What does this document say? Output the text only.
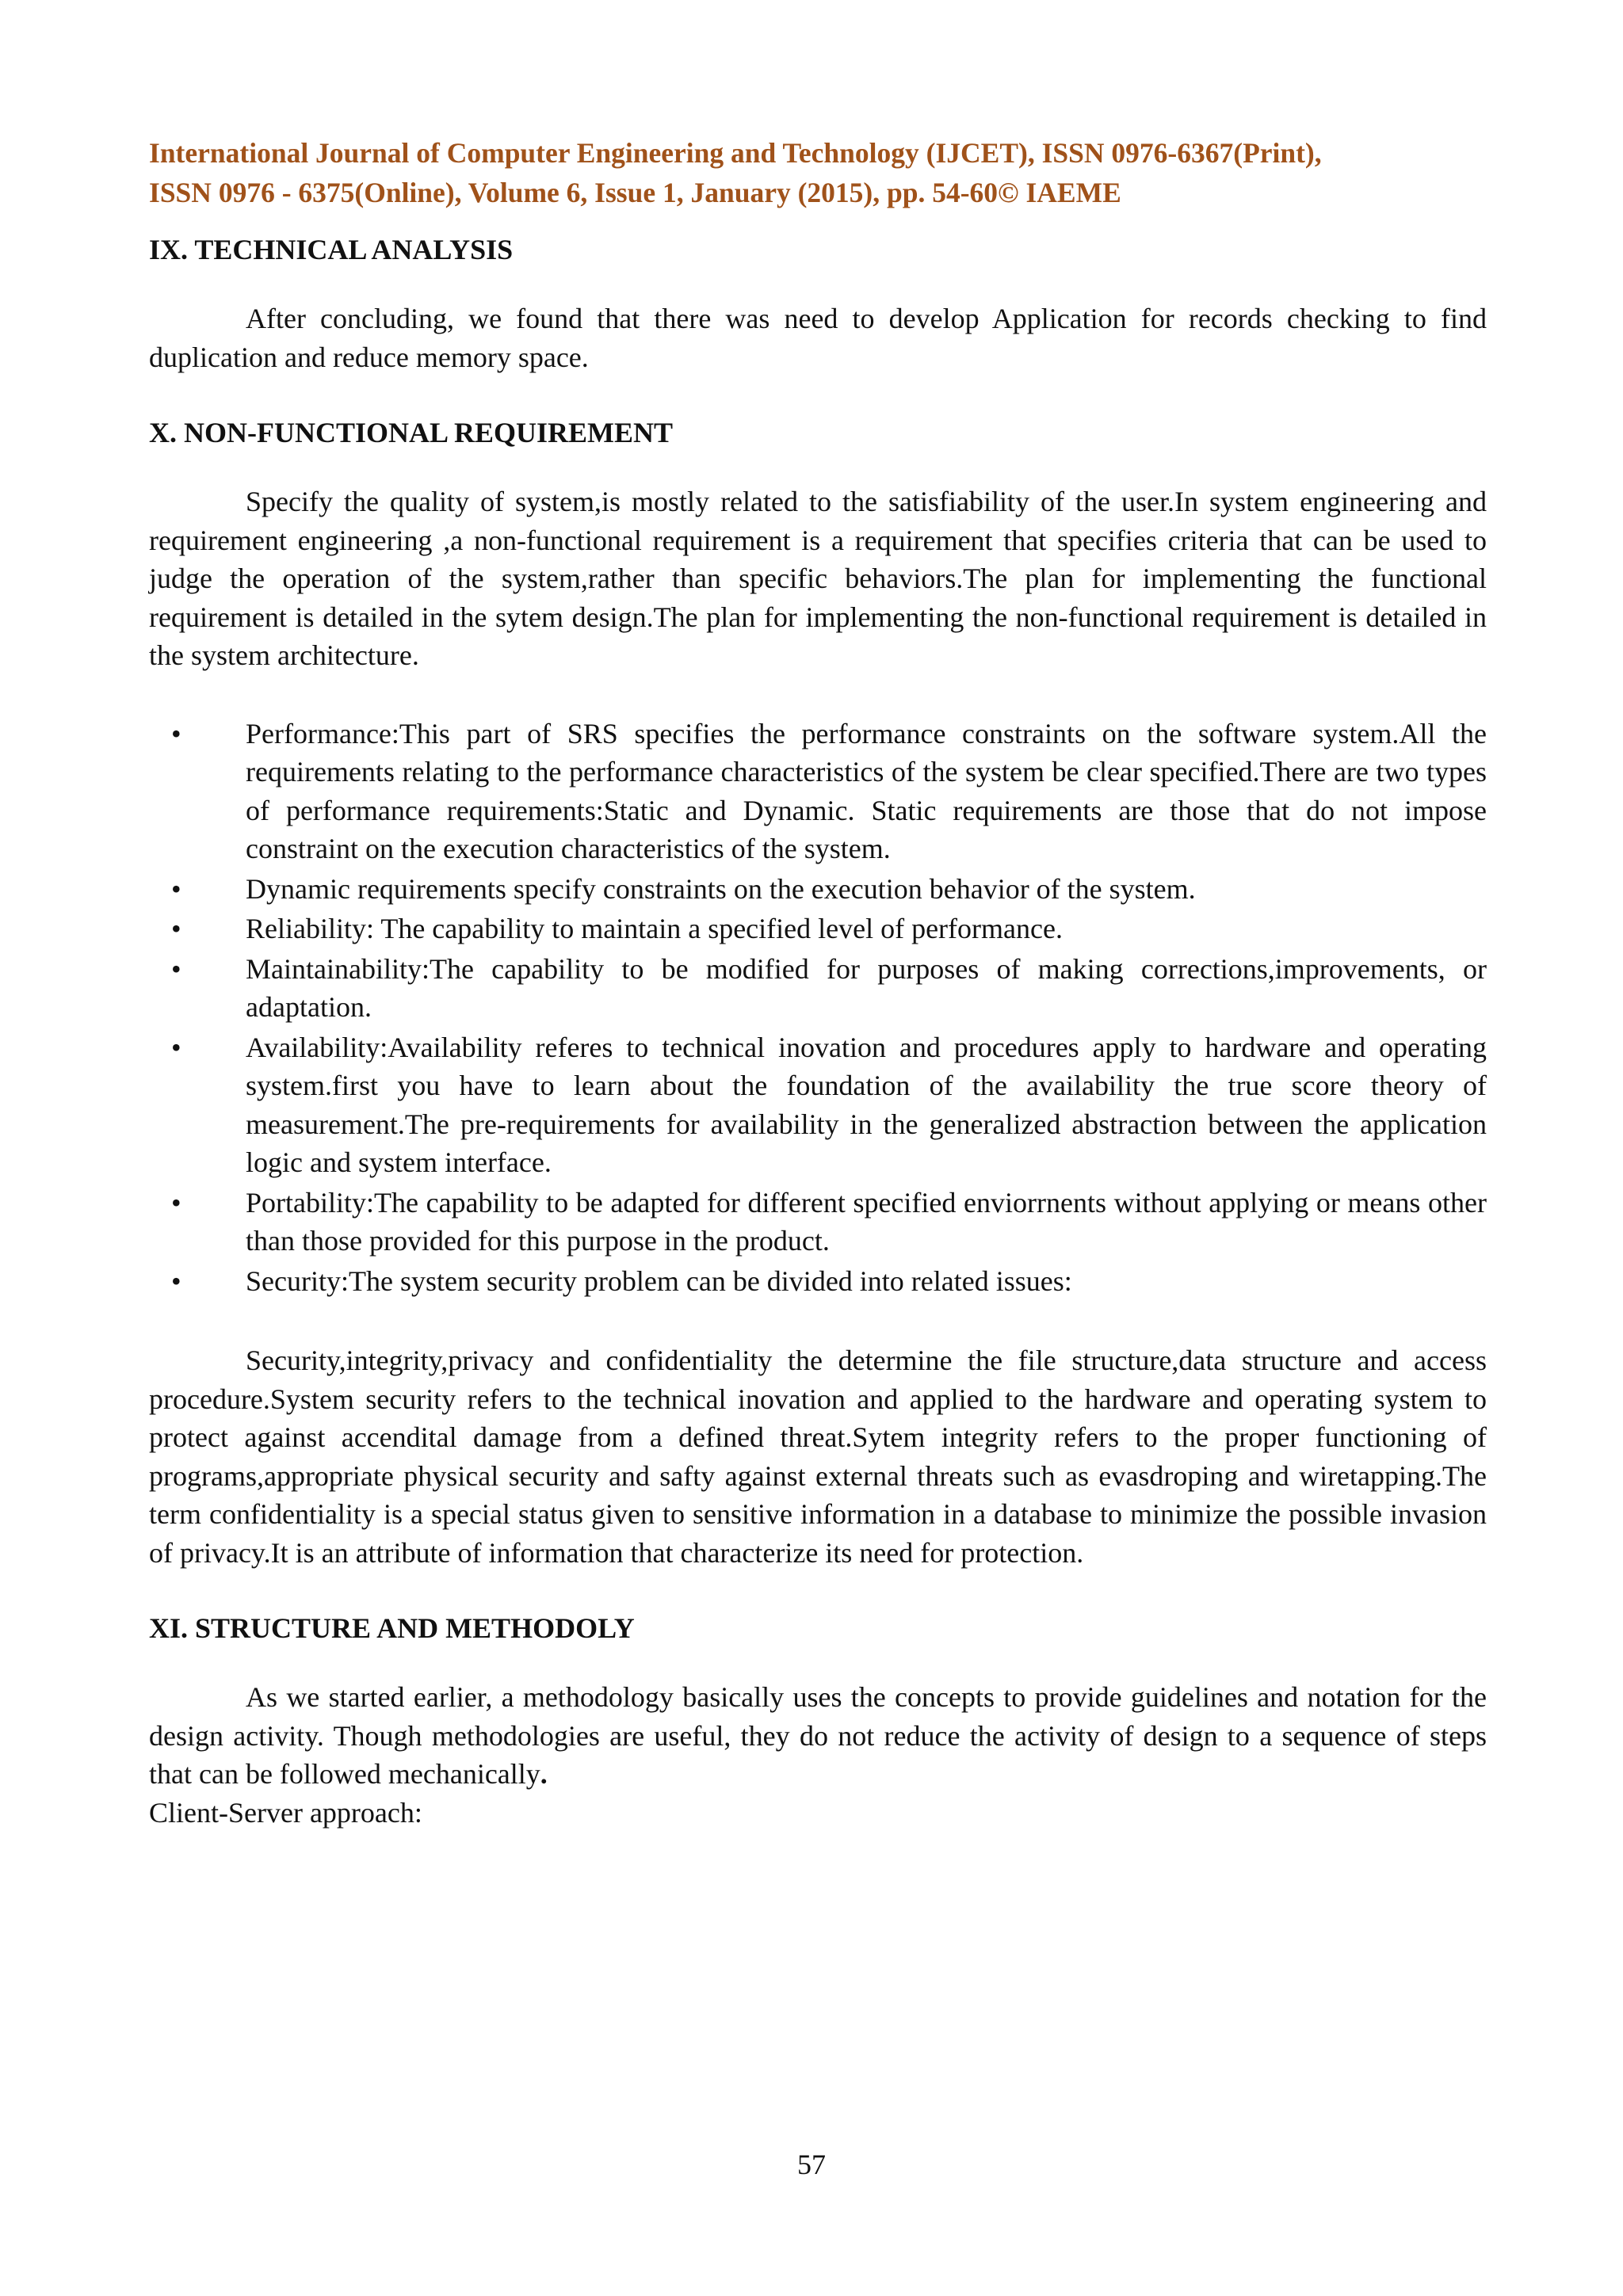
International Journal of Computer Engineering and Technology (IJCET), ISSN 0976-6367(Print),

ISSN 0976 - 6375(Online), Volume 6, Issue 1, January (2015), pp. 54-60© IAEME

IX. TECHNICAL ANALYSIS

After concluding, we found that there was need to develop Application for records checking to find duplication and reduce memory space.

X. NON-FUNCTIONAL REQUIREMENT

Specify the quality of system,is mostly related to the satisfiability of the user.In system engineering and requirement engineering ,a non-functional requirement is a requirement that specifies criteria that can be used to judge the operation of the system,rather than specific behaviors.The plan for implementing the functional requirement is detailed in the sytem design.The plan for implementing the non-functional requirement is detailed in the system architecture.

• Performance:This part of SRS specifies the performance constraints on the software system.All the requirements relating to the performance characteristics of the system be clear specified.There are two types of performance requirements:Static and Dynamic. Static requirements are those that do not impose constraint on the execution characteristics of the system.
• Dynamic requirements specify constraints on the execution behavior of the system.
• Reliability: The capability to maintain a specified level of performance.
• Maintainability:The capability to be modified for purposes of making corrections,improvements, or adaptation.
• Availability:Availability referes to technical inovation and procedures apply to hardware and operating system.first you have to learn about the foundation of the availability the true score theory of measurement.The pre-requirements for availability in the generalized abstraction between the application logic and system interface.
• Portability:The capability to be adapted for different specified enviorrnents without applying or means other than those provided for this purpose in the product.
• Security:The system security problem can be divided into related issues:

Security,integrity,privacy and confidentiality the determine the file structure,data structure and access procedure.System security refers to the technical inovation and applied to the hardware and operating system to protect against accendital damage from a defined threat.Sytem integrity refers to the proper functioning of programs,appropriate physical security and safty against external threats such as evasdroping and wiretapping.The term confidentiality is a special status given to sensitive information in a database to minimize the possible invasion of privacy.It is an attribute of information that characterize its need for protection.

XI. STRUCTURE AND METHODOLY

As we started earlier, a methodology basically uses the concepts to provide guidelines and notation for the design activity. Though methodologies are useful, they do not reduce the activity of design to a sequence of steps that can be followed mechanically.

Client-Server approach:

57
